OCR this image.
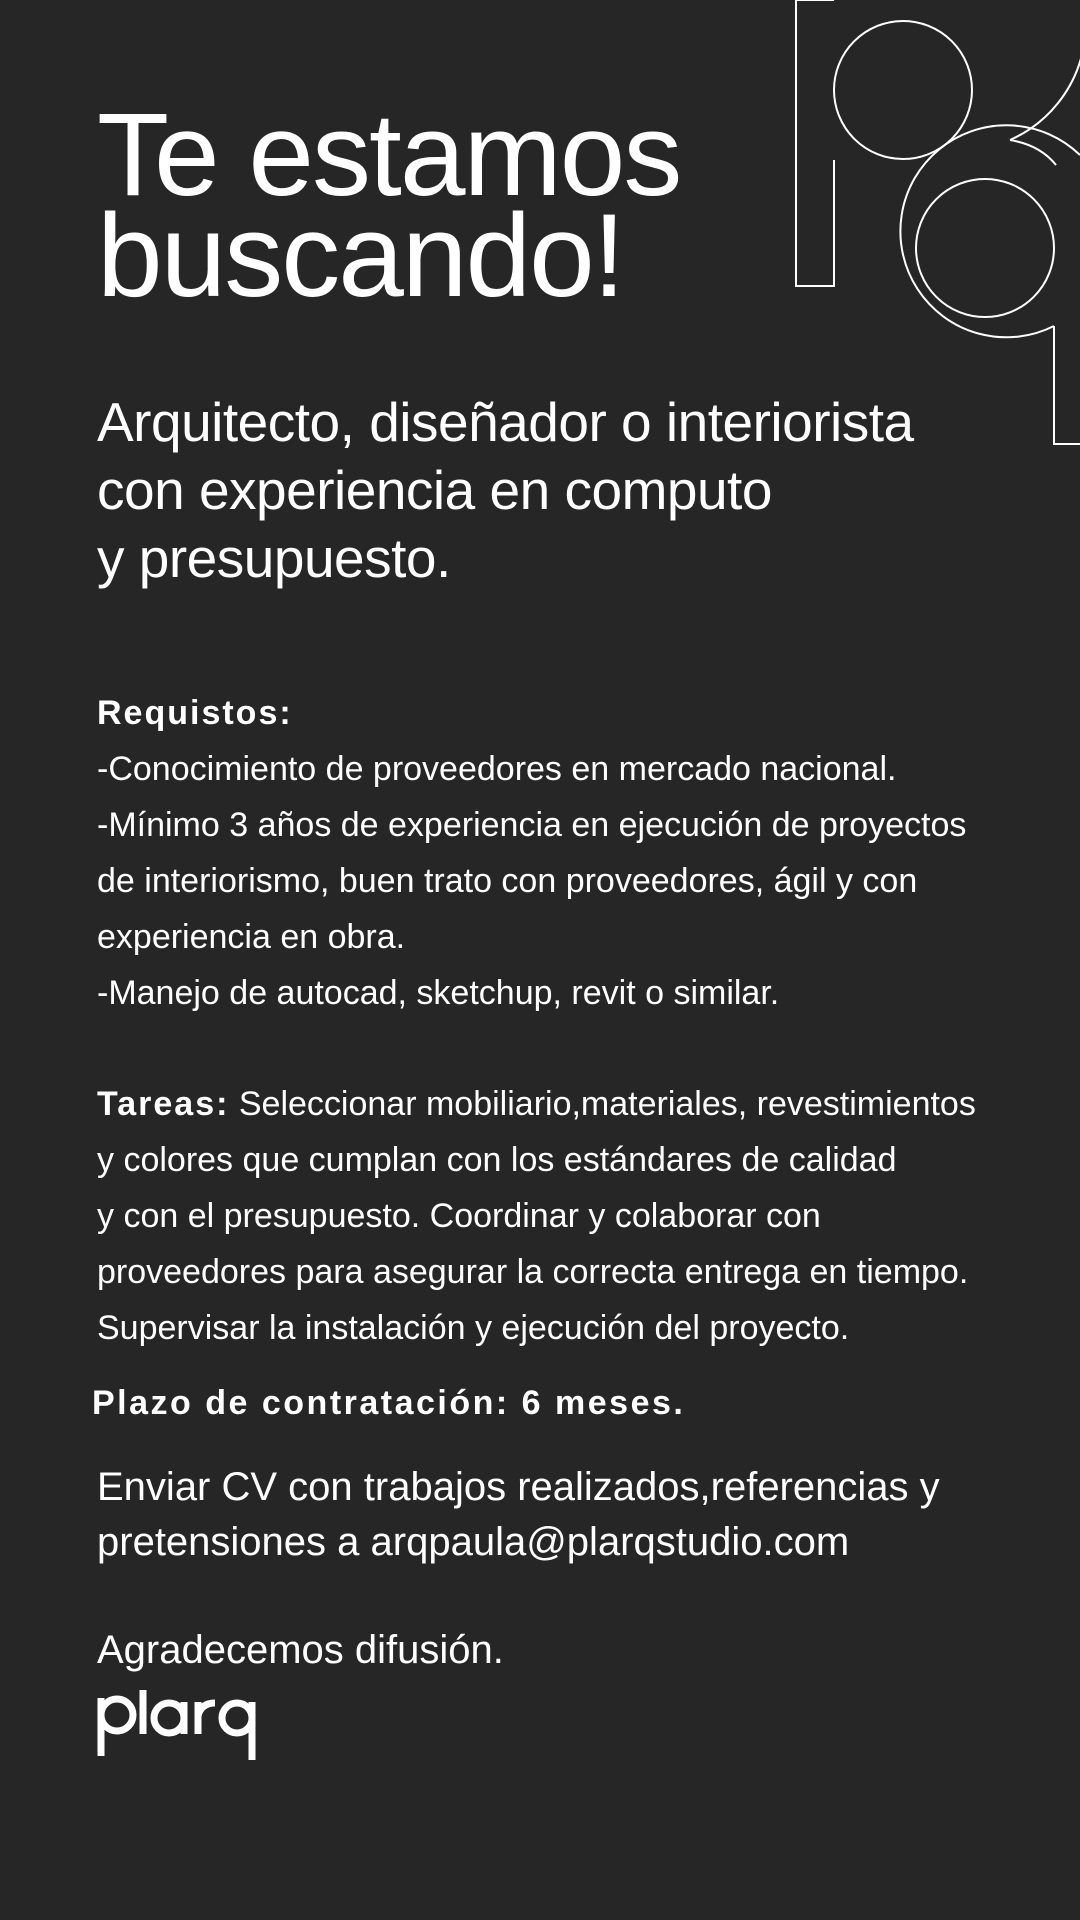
Te estamos
buscando!

Arquitecto, diseñador o interiorista
con experiencia en computo
y presupuesto.

Requistos:
-Conocimiento de proveedores en mercado nacional.
-Mínimo 3 años de experiencia en ejecución de proyectos
de interiorismo, buen trato con proveedores, ágil y con
experiencia en obra.
-Manejo de autocad, sketchup, revit o similar.
Tareas: Seleccionar mobiliario,materiales, revestimientos
y colores que cumplan con los estándares de calidad
y con el presupuesto. Coordinar y colaborar con
proveedores para asegurar la correcta entrega en tiempo.
Supervisar la instalación y ejecución del proyecto.
Plazo de contratación: 6 meses.
Enviar CV con trabajos realizados,referencias y
pretensiones a arqpaula@plarqstudio.com
Agradecemos difusión.
